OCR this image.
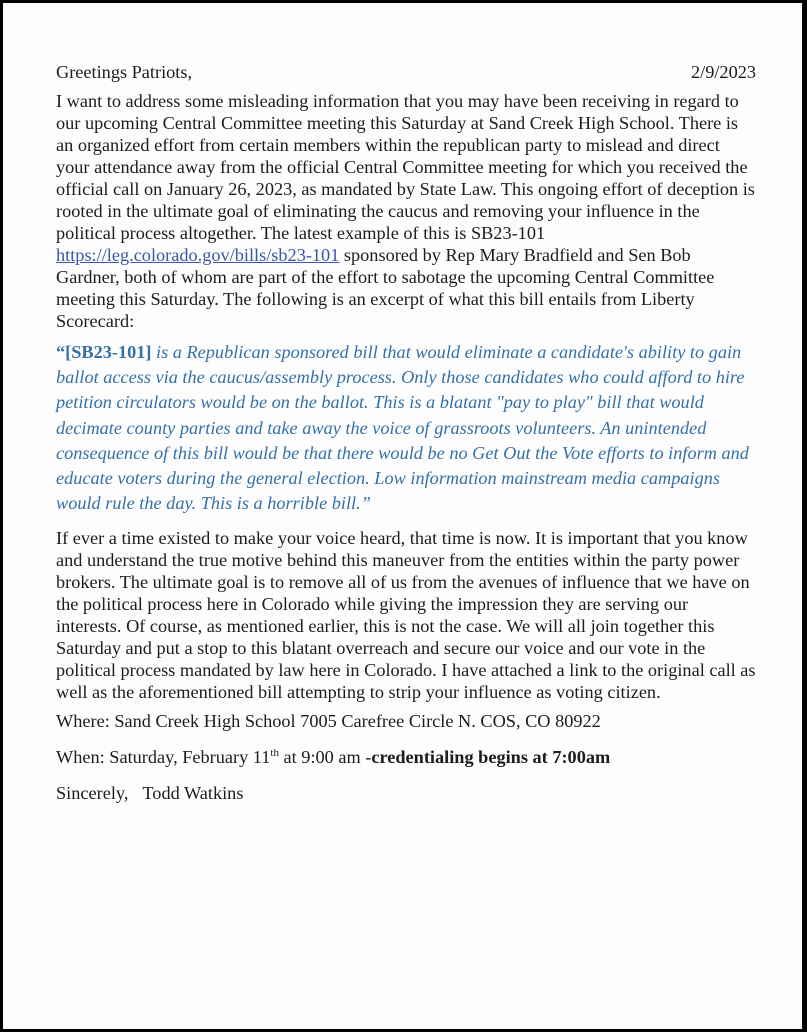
Greetings Patriots,	2/9/2023

I want to address some misleading information that you may have been receiving in regard to our upcoming Central Committee meeting this Saturday at Sand Creek High School. There is an organized effort from certain members within the republican party to mislead and direct your attendance away from the official Central Committee meeting for which you received the official call on January 26, 2023, as mandated by State Law. This ongoing effort of deception is rooted in the ultimate goal of eliminating the caucus and removing your influence in the political process altogether. The latest example of this is SB23-101 https://leg.colorado.gov/bills/sb23-101 sponsored by Rep Mary Bradfield and Sen Bob Gardner, both of whom are part of the effort to sabotage the upcoming Central Committee meeting this Saturday. The following is an excerpt of what this bill entails from Liberty Scorecard:

“[SB23-101] is a Republican sponsored bill that would eliminate a candidate's ability to gain ballot access via the caucus/assembly process. Only those candidates who could afford to hire petition circulators would be on the ballot. This is a blatant "pay to play" bill that would decimate county parties and take away the voice of grassroots volunteers. An unintended consequence of this bill would be that there would be no Get Out the Vote efforts to inform and educate voters during the general election. Low information mainstream media campaigns would rule the day. This is a horrible bill.”

If ever a time existed to make your voice heard, that time is now. It is important that you know and understand the true motive behind this maneuver from the entities within the party power brokers. The ultimate goal is to remove all of us from the avenues of influence that we have on the political process here in Colorado while giving the impression they are serving our interests. Of course, as mentioned earlier, this is not the case. We will all join together this Saturday and put a stop to this blatant overreach and secure our voice and our vote in the political process mandated by law here in Colorado. I have attached a link to the original call as well as the aforementioned bill attempting to strip your influence as voting citizen.

Where: Sand Creek High School 7005 Carefree Circle N. COS, CO 80922

When: Saturday, February 11th at 9:00 am -credentialing begins at 7:00am

Sincerely, Todd Watkins
